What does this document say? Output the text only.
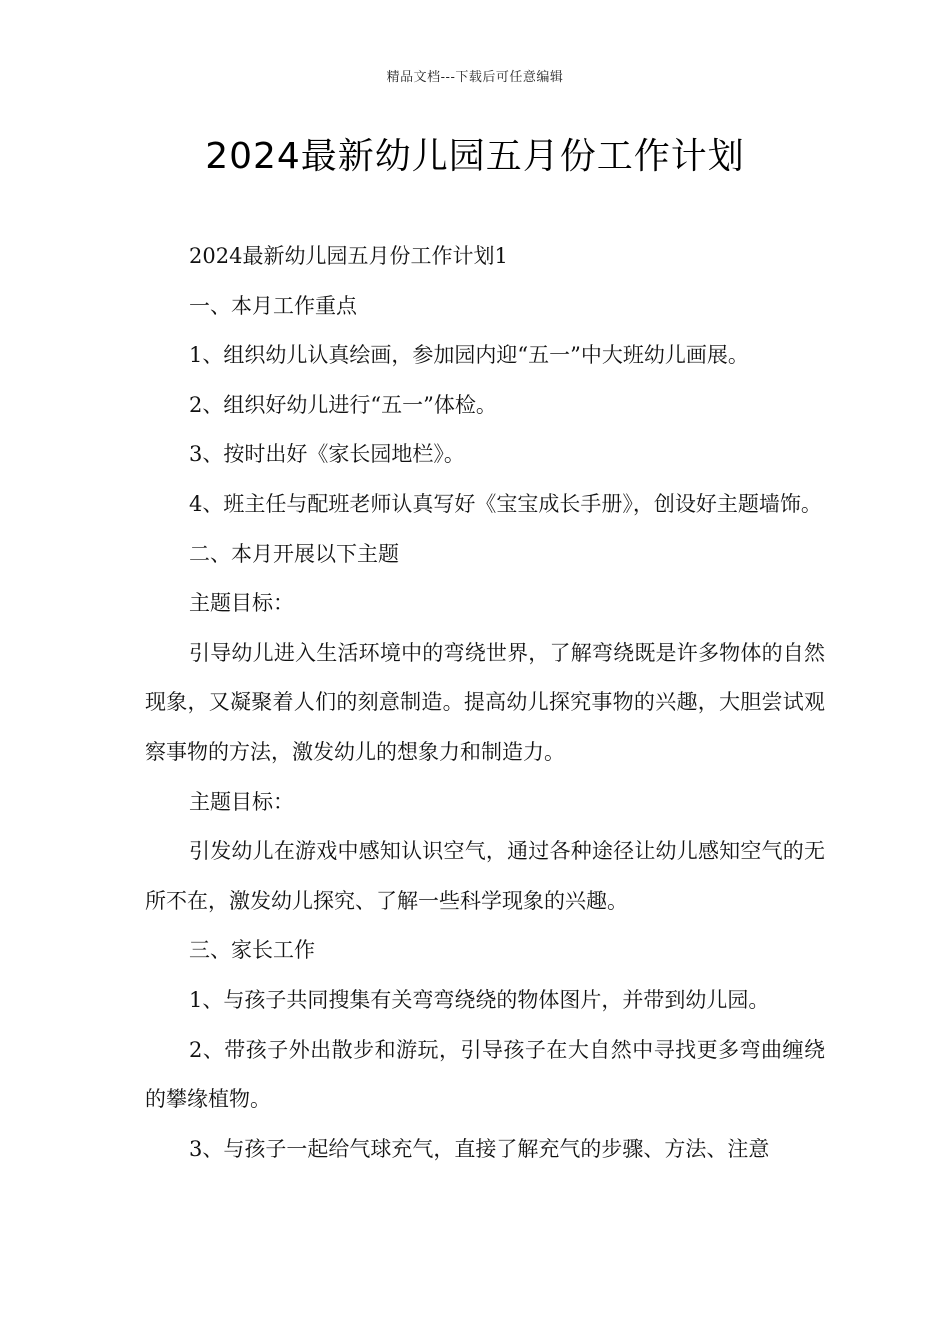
精品文档---下载后可任意编辑
2024最新幼儿园五月份工作计划

2024最新幼儿园五月份工作计划1

一、本月工作重点

1、组织幼儿认真绘画，参加园内迎“五一”中大班幼儿画展。

2、组织好幼儿进行“五一”体检。

3、按时出好《家长园地栏》。

4、班主任与配班老师认真写好《宝宝成长手册》，创设好主题墙饰。

二、本月开展以下主题

主题目标：

引导幼儿进入生活环境中的弯绕世界，了解弯绕既是许多物体的自然现象，又凝聚着人们的刻意制造。提高幼儿探究事物的兴趣，大胆尝试观察事物的方法，激发幼儿的想象力和制造力。

主题目标：

引发幼儿在游戏中感知认识空气，通过各种途径让幼儿感知空气的无所不在，激发幼儿探究、了解一些科学现象的兴趣。

三、家长工作

1、与孩子共同搜集有关弯弯绕绕的物体图片，并带到幼儿园。

2、带孩子外出散步和游玩，引导孩子在大自然中寻找更多弯曲缠绕的攀缘植物。

3、与孩子一起给气球充气，直接了解充气的步骤、方法、注意
